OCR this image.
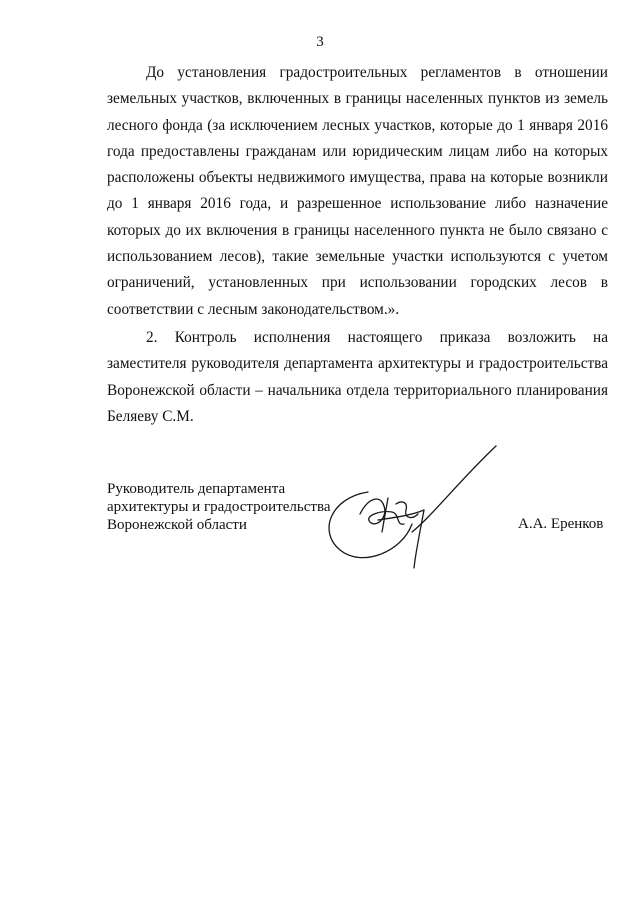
3

До установления градостроительных регламентов в отношении земельных участков, включенных в границы населенных пунктов из земель лесного фонда (за исключением лесных участков, которые до 1 января 2016 года предоставлены гражданам или юридическим лицам либо на которых расположены объекты недвижимого имущества, права на которые возникли до 1 января 2016 года, и разрешенное использование либо назначение которых до их включения в границы населенного пункта не было связано с использованием лесов), такие земельные участки используются с учетом ограничений, установленных при использовании городских лесов в соответствии с лесным законодательством.».

2. Контроль исполнения настоящего приказа возложить на заместителя руководителя департамента архитектуры и градостроительства Воронежской области – начальника отдела территориального планирования Беляеву С.М.

Руководитель департамента
архитектуры и градостроительства
Воронежской области	А.А. Еренков
